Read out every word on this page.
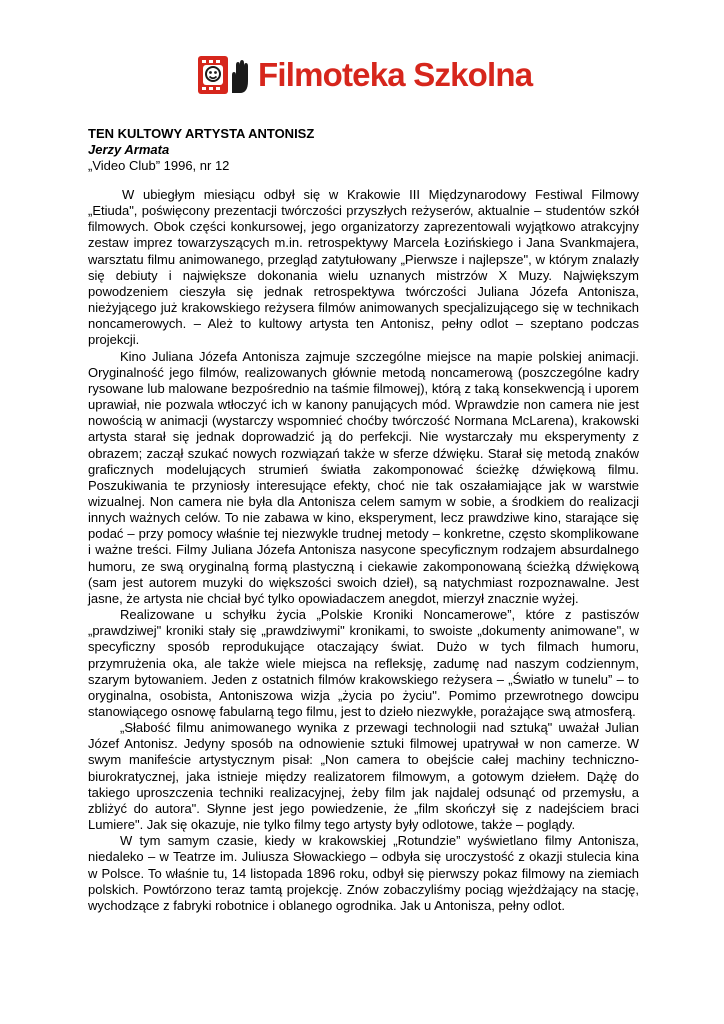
Filmoteka Szkolna
TEN KULTOWY ARTYSTA ANTONISZ
Jerzy Armata
„Video Club” 1996, nr 12

W ubiegłym miesiącu odbył się w Krakowie III Międzynarodowy Festiwal Filmowy „Etiuda", poświęcony prezentacji twórczości przyszłych reżyserów, aktualnie – studentów szkół filmowych. Obok części konkursowej, jego organizatorzy zaprezentowali wyjątkowo atrakcyjny zestaw imprez towarzyszących m.in. retrospektywy Marcela Łozińskiego i Jana Svankmajera, warsztatu filmu animowanego, przegląd zatytułowany „Pierwsze i najlepsze", w którym znalazły się debiuty i największe dokonania wielu uznanych mistrzów X Muzy. Największym powodzeniem cieszyła się jednak retrospektywa twórczości Juliana Józefa Antonisza, nieżyjącego już krakowskiego reżysera filmów animowanych specjalizującego się w technikach noncamerowych. – Ależ to kultowy artysta ten Antonisz, pełny odlot – szeptano podczas projekcji.

Kino Juliana Józefa Antonisza zajmuje szczególne miejsce na mapie polskiej animacji. Oryginalność jego filmów, realizowanych głównie metodą noncamerową (poszczególne kadry rysowane lub malowane bezpośrednio na taśmie filmowej), którą z taką konsekwencją i uporem uprawiał, nie pozwala wtłoczyć ich w kanony panujących mód. Wprawdzie non camera nie jest nowością w animacji (wystarczy wspomnieć choćby twórczość Normana McLarena), krakowski artysta starał się jednak doprowadzić ją do perfekcji. Nie wystarczały mu eksperymenty z obrazem; zaczął szukać nowych rozwiązań także w sferze dźwięku. Starał się metodą znaków graficznych modelujących strumień światła zakomponować ścieżkę dźwiękową filmu. Poszukiwania te przyniosły interesujące efekty, choć nie tak oszałamiające jak w warstwie wizualnej. Non camera nie była dla Antonisza celem samym w sobie, a środkiem do realizacji innych ważnych celów. To nie zabawa w kino, eksperyment, lecz prawdziwe kino, starające się podać – przy pomocy właśnie tej niezwykle trudnej metody – konkretne, często skomplikowane i ważne treści. Filmy Juliana Józefa Antonisza nasycone specyficznym rodzajem absurdalnego humoru, ze swą oryginalną formą plastyczną i ciekawie zakomponowaną ścieżką dźwiękową (sam jest autorem muzyki do większości swoich dzieł), są natychmiast rozpoznawalne. Jest jasne, że artysta nie chciał być tylko opowiadaczem anegdot, mierzył znacznie wyżej.

Realizowane u schyłku życia „Polskie Kroniki Noncamerowe”, które z pastiszów „prawdziwej" kroniki stały się „prawdziwymi" kronikami, to swoiste „dokumenty animowane", w specyficzny sposób reprodukujące otaczający świat. Dużo w tych filmach humoru, przymrużenia oka, ale także wiele miejsca na refleksję, zadumę nad naszym codziennym, szarym bytowaniem. Jeden z ostatnich filmów krakowskiego reżysera – „Światło w tunelu” – to oryginalna, osobista, Antoniszowa wizja „życia po życiu". Pomimo przewrotnego dowcipu stanowiącego osnowę fabularną tego filmu, jest to dzieło niezwykłe, porażające swą atmosferą.

„Słabość filmu animowanego wynika z przewagi technologii nad sztuką" uważał Julian Józef Antonisz. Jedyny sposób na odnowienie sztuki filmowej upatrywał w non camerze. W swym manifeście artystycznym pisał: „Non camera to obejście całej machiny techniczno-biurokratycznej, jaka istnieje między realizatorem filmowym, a gotowym dziełem. Dążę do takiego uproszczenia techniki realizacyjnej, żeby film jak najdalej odsunąć od przemysłu, a zbliżyć do autora". Słynne jest jego powiedzenie, że „film skończył się z nadejściem braci Lumiere". Jak się okazuje, nie tylko filmy tego artysty były odlotowe, także – poglądy.

W tym samym czasie, kiedy w krakowskiej „Rotundzie” wyświetlano filmy Antonisza, niedaleko – w Teatrze im. Juliusza Słowackiego – odbyła się uroczystość z okazji stulecia kina w Polsce. To właśnie tu, 14 listopada 1896 roku, odbył się pierwszy pokaz filmowy na ziemiach polskich. Powtórzono teraz tamtą projekcję. Znów zobaczyliśmy pociąg wjeżdżający na stację, wychodzące z fabryki robotnice i oblanego ogrodnika. Jak u Antonisza, pełny odlot.
